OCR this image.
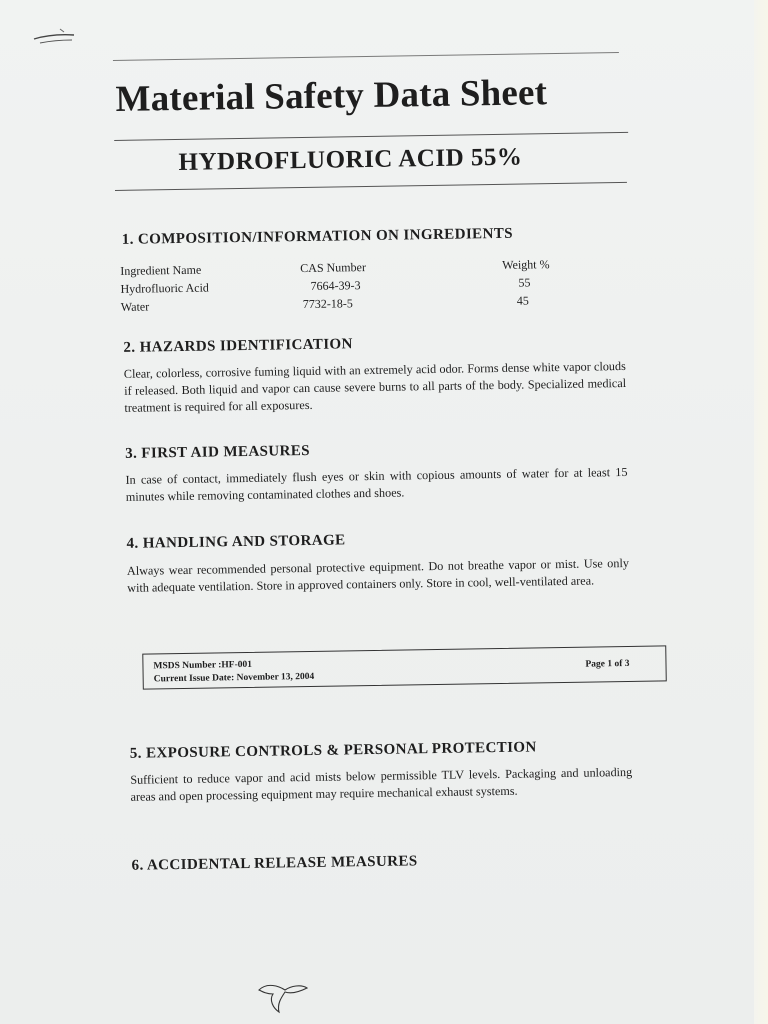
Material Safety Data Sheet
HYDROFLUORIC ACID 55%
1. COMPOSITION/INFORMATION ON INGREDIENTS
Ingredient Name	CAS Number	Weight %
Hydrofluoric Acid	7664-39-3	55
Water	7732-18-5	45
2. HAZARDS IDENTIFICATION
Clear, colorless, corrosive fuming liquid with an extremely acid odor. Forms dense white vapor clouds if released. Both liquid and vapor can cause severe burns to all parts of the body. Specialized medical treatment is required for all exposures.
3. FIRST AID MEASURES
In case of contact, immediately flush eyes or skin with copious amounts of water for at least 15 minutes while removing contaminated clothes and shoes.
4. HANDLING AND STORAGE
Always wear recommended personal protective equipment. Do not breathe vapor or mist. Use only with adequate ventilation. Store in approved containers only. Store in cool, well-ventilated area.
MSDS Number :HF-001
Current Issue Date: November 13, 2004
Page 1 of 3
5. EXPOSURE CONTROLS & PERSONAL PROTECTION
Sufficient to reduce vapor and acid mists below permissible TLV levels. Packaging and unloading areas and open processing equipment may require mechanical exhaust systems.
6. ACCIDENTAL RELEASE MEASURES
